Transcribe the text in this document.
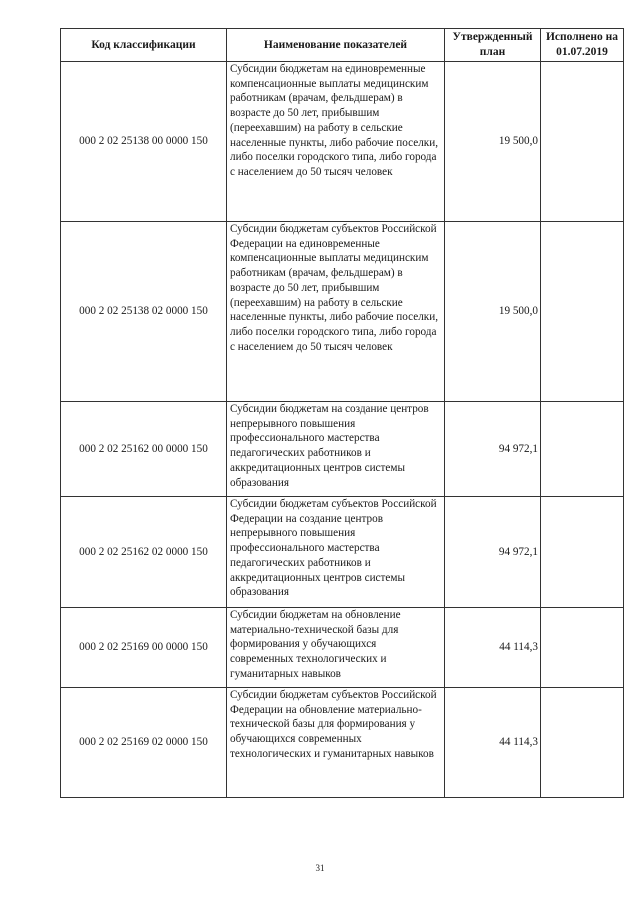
Код классификации	Наименование показателей	Утвержденный план	Исполнено на 01.07.2019
000 2 02 25138 00 0000 150	Субсидии бюджетам на единовременные компенсационные выплаты медицинским работникам (врачам, фельдшерам) в возрасте до 50 лет, прибывшим (переехавшим) на работу в сельские населенные пункты, либо рабочие поселки, либо поселки городского типа, либо города с населением до 50 тысяч человек	19 500,0	
000 2 02 25138 02 0000 150	Субсидии бюджетам субъектов Российской Федерации на единовременные компенсационные выплаты медицинским работникам (врачам, фельдшерам) в возрасте до 50 лет, прибывшим (переехавшим) на работу в сельские населенные пункты, либо рабочие поселки, либо поселки городского типа, либо города с населением до 50 тысяч человек	19 500,0	
000 2 02 25162 00 0000 150	Субсидии бюджетам на создание центров непрерывного повышения профессионального мастерства педагогических работников и аккредитационных центров системы образования	94 972,1	
000 2 02 25162 02 0000 150	Субсидии бюджетам субъектов Российской Федерации на создание центров непрерывного повышения профессионального мастерства педагогических работников и аккредитационных центров системы образования	94 972,1	
000 2 02 25169 00 0000 150	Субсидии бюджетам на обновление материально-технической базы для формирования у обучающихся современных технологических и гуманитарных навыков	44 114,3	
000 2 02 25169 02 0000 150	Субсидии бюджетам субъектов Российской Федерации на обновление материально-технической базы для формирования у обучающихся современных технологических и гуманитарных навыков	44 114,3	
31
